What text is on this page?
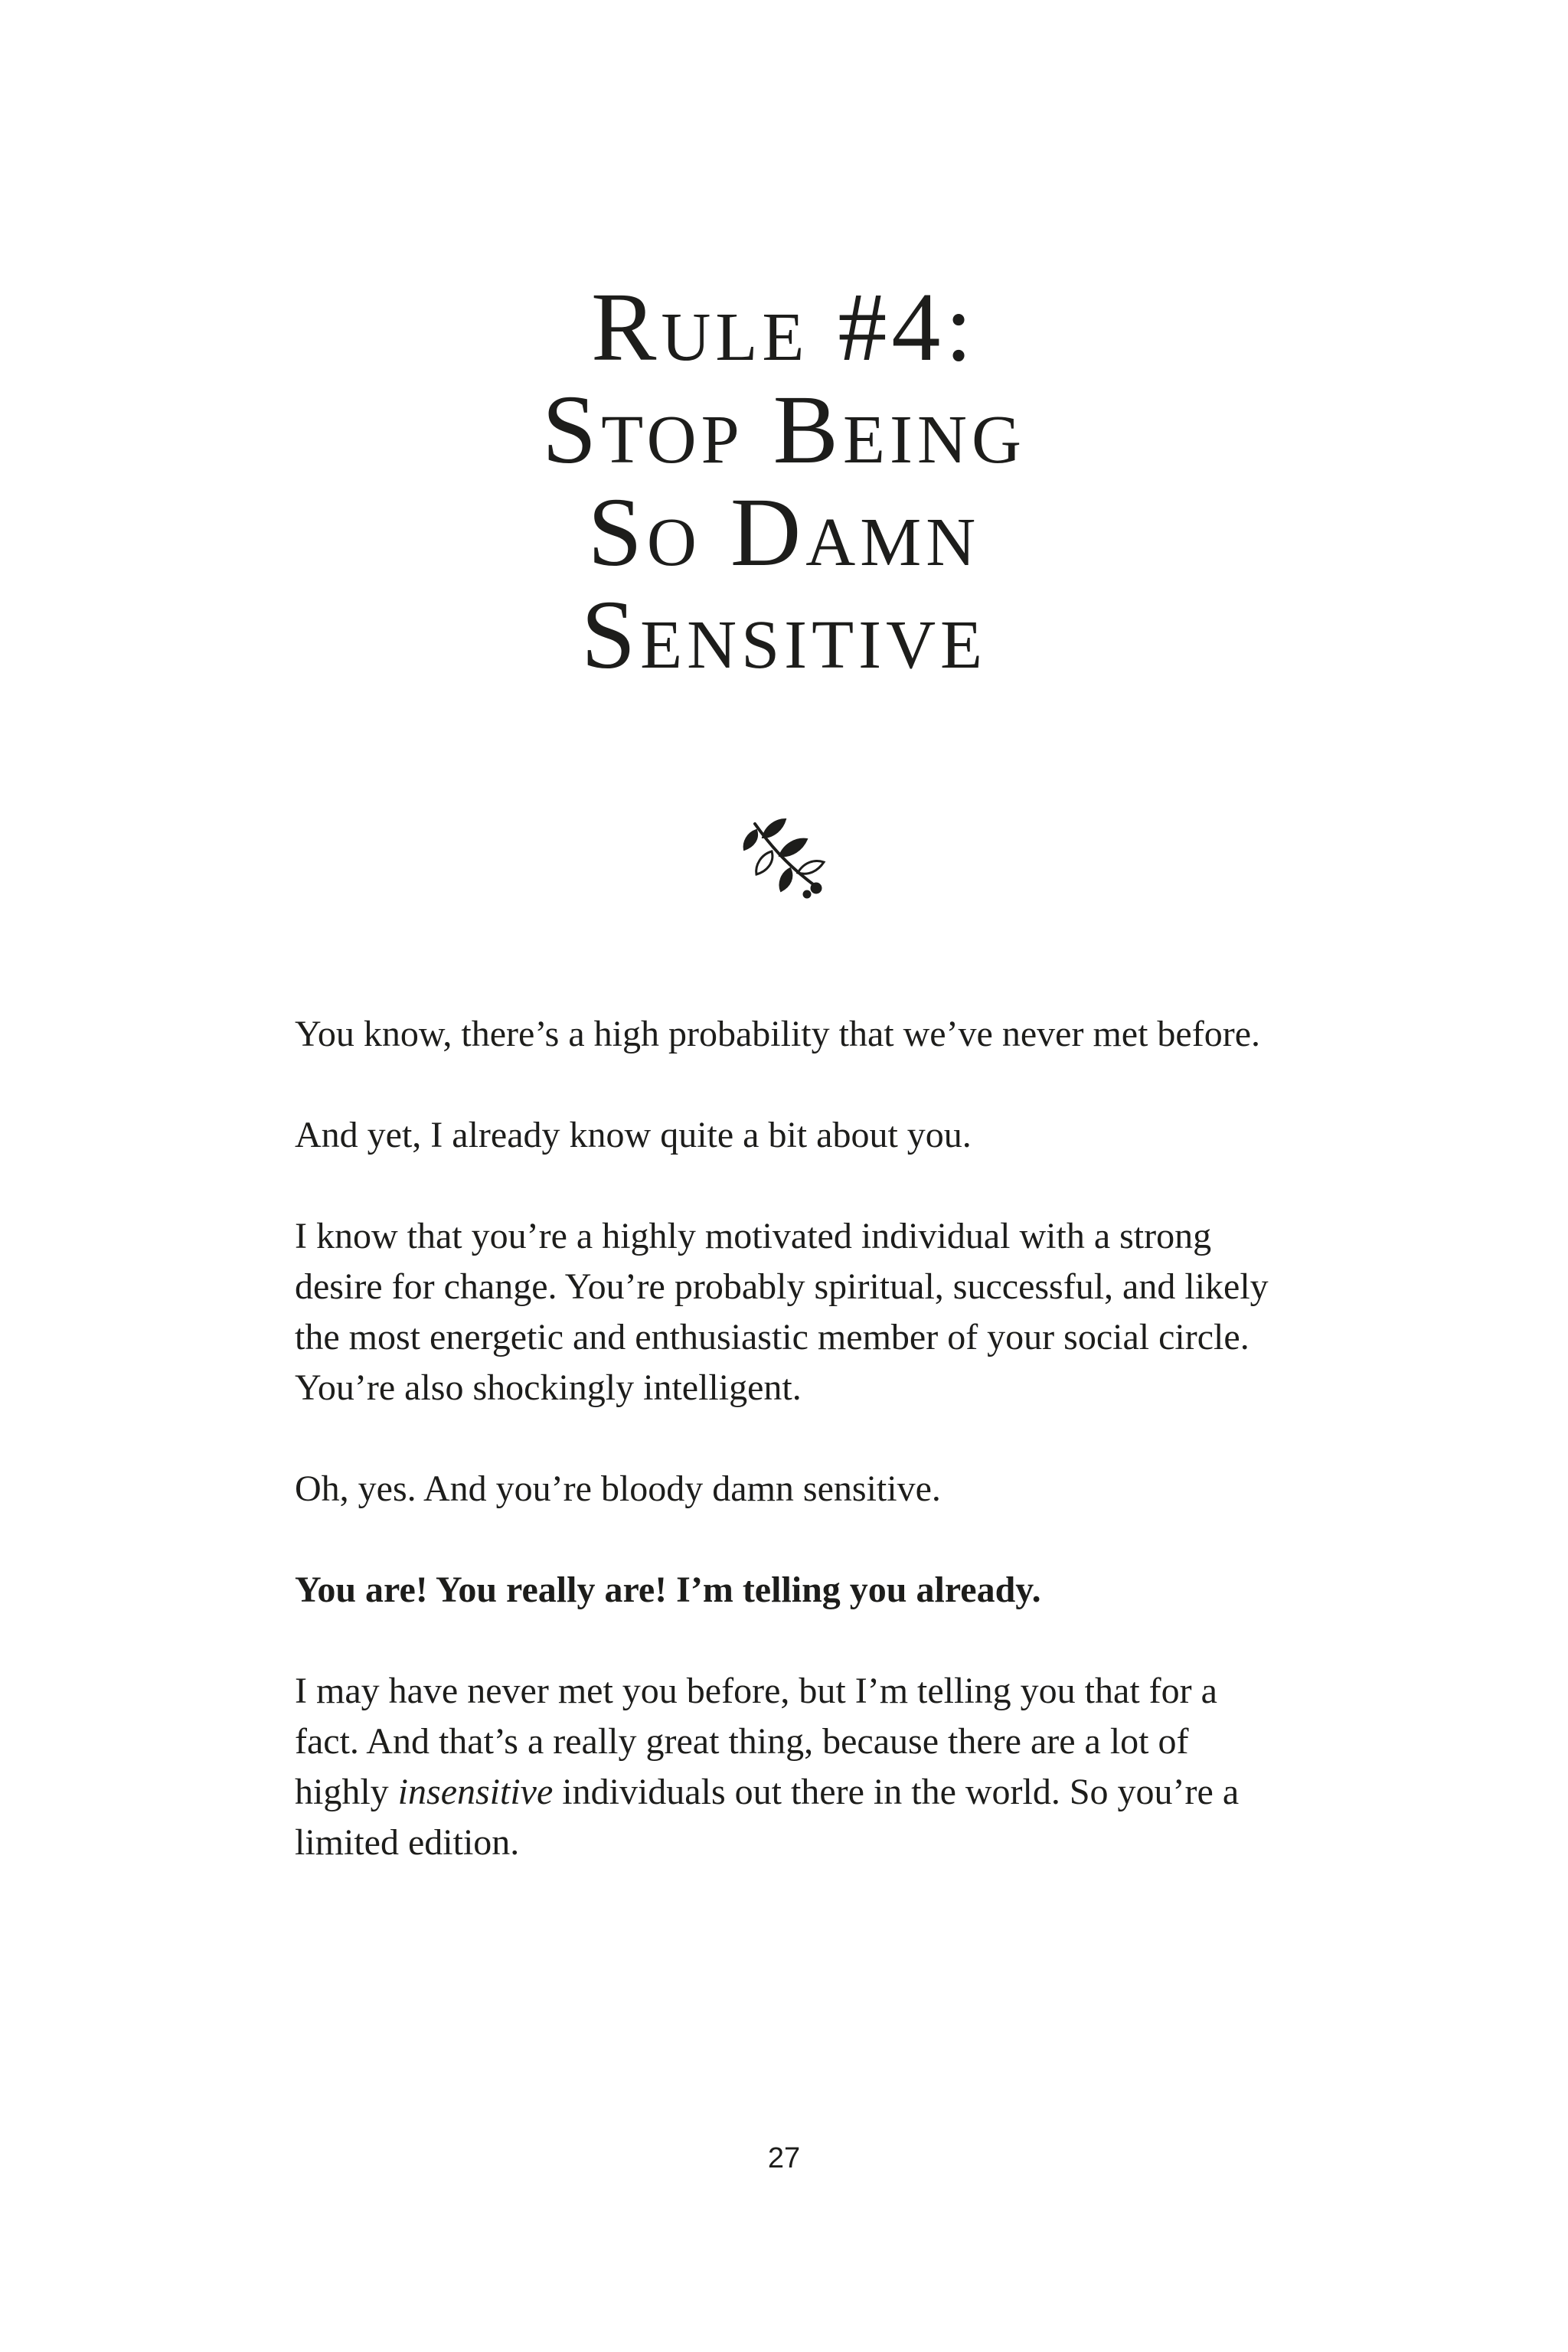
Rule #4:
Stop Being
So Damn
Sensitive

You know, there’s a high probability that we’ve never met before.

And yet, I already know quite a bit about you.

I know that you’re a highly motivated individual with a strong desire for change. You’re probably spiritual, successful, and likely the most energetic and enthusiastic member of your social circle. You’re also shockingly intelligent.

Oh, yes. And you’re bloody damn sensitive.

You are! You really are! I’m telling you already.

I may have never met you before, but I’m telling you that for a fact. And that’s a really great thing, because there are a lot of highly insensitive individuals out there in the world. So you’re a limited edition.

27
